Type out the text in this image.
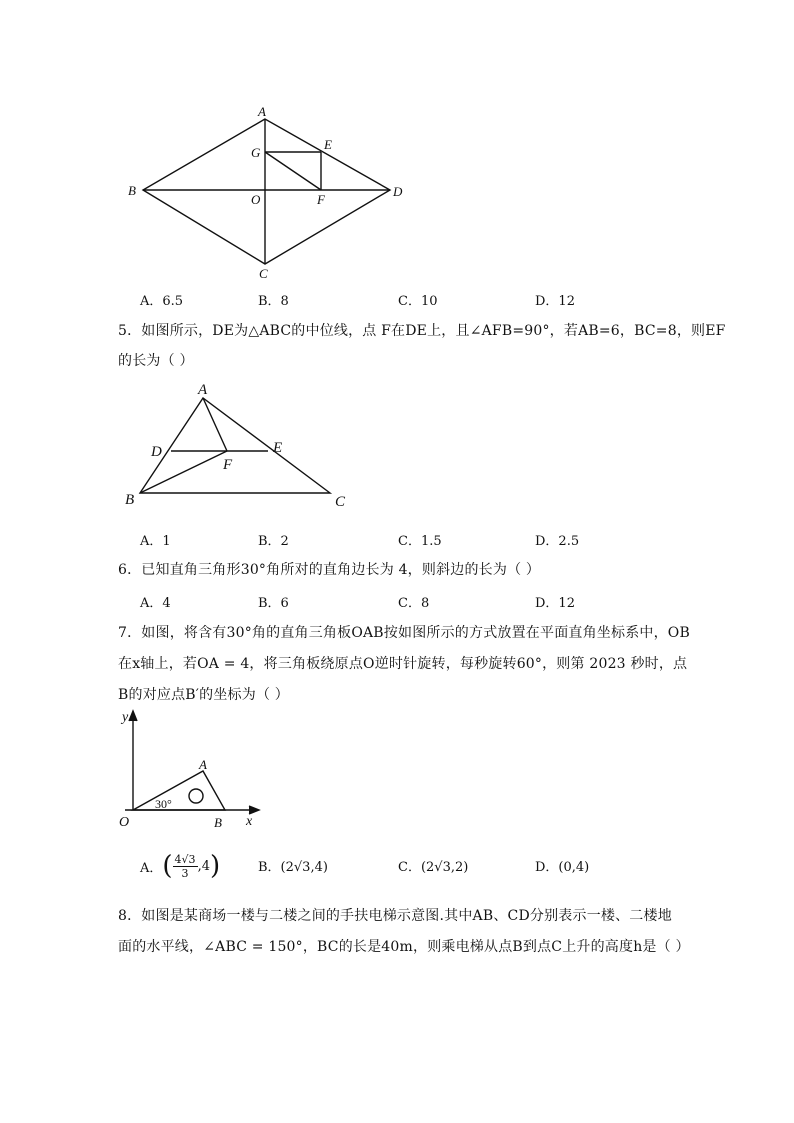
A
B
C
D
O
G
E
F
A．6.5	B．8	C．10	D．12
5．如图所示，DE为△ABC的中位线，点 F在DE上，且∠AFB=90°，若AB=6，BC=8，则EF
的长为（ ）
A
B	C
D	E
F
A．1	B．2	C．1.5	D．2.5
6．已知直角三角形30°角所对的直角边长为 4，则斜边的长为（ ）
A．4	B．6	C．8	D．12
7．如图，将含有30°角的直角三角板OAB按如图所示的方式放置在平面直角坐标系中，OB
在x轴上，若OA = 4，将三角板绕原点O逆时针旋转，每秒旋转60°，则第 2023 秒时，点
B的对应点B′的坐标为（ ）
y
x
O
A
B
30°
A． ( $\frac{4√3}{3} ,4$ )	B．(2√3,4)	C．(2√3,2)	D．(0,4)
8．如图是某商场一楼与二楼之间的手扶电梯示意图.其中AB、CD分别表示一楼、二楼地
面的水平线，∠ABC = 150°，BC的长是40m，则乘电梯从点B到点C上升的高度h是（ ）
